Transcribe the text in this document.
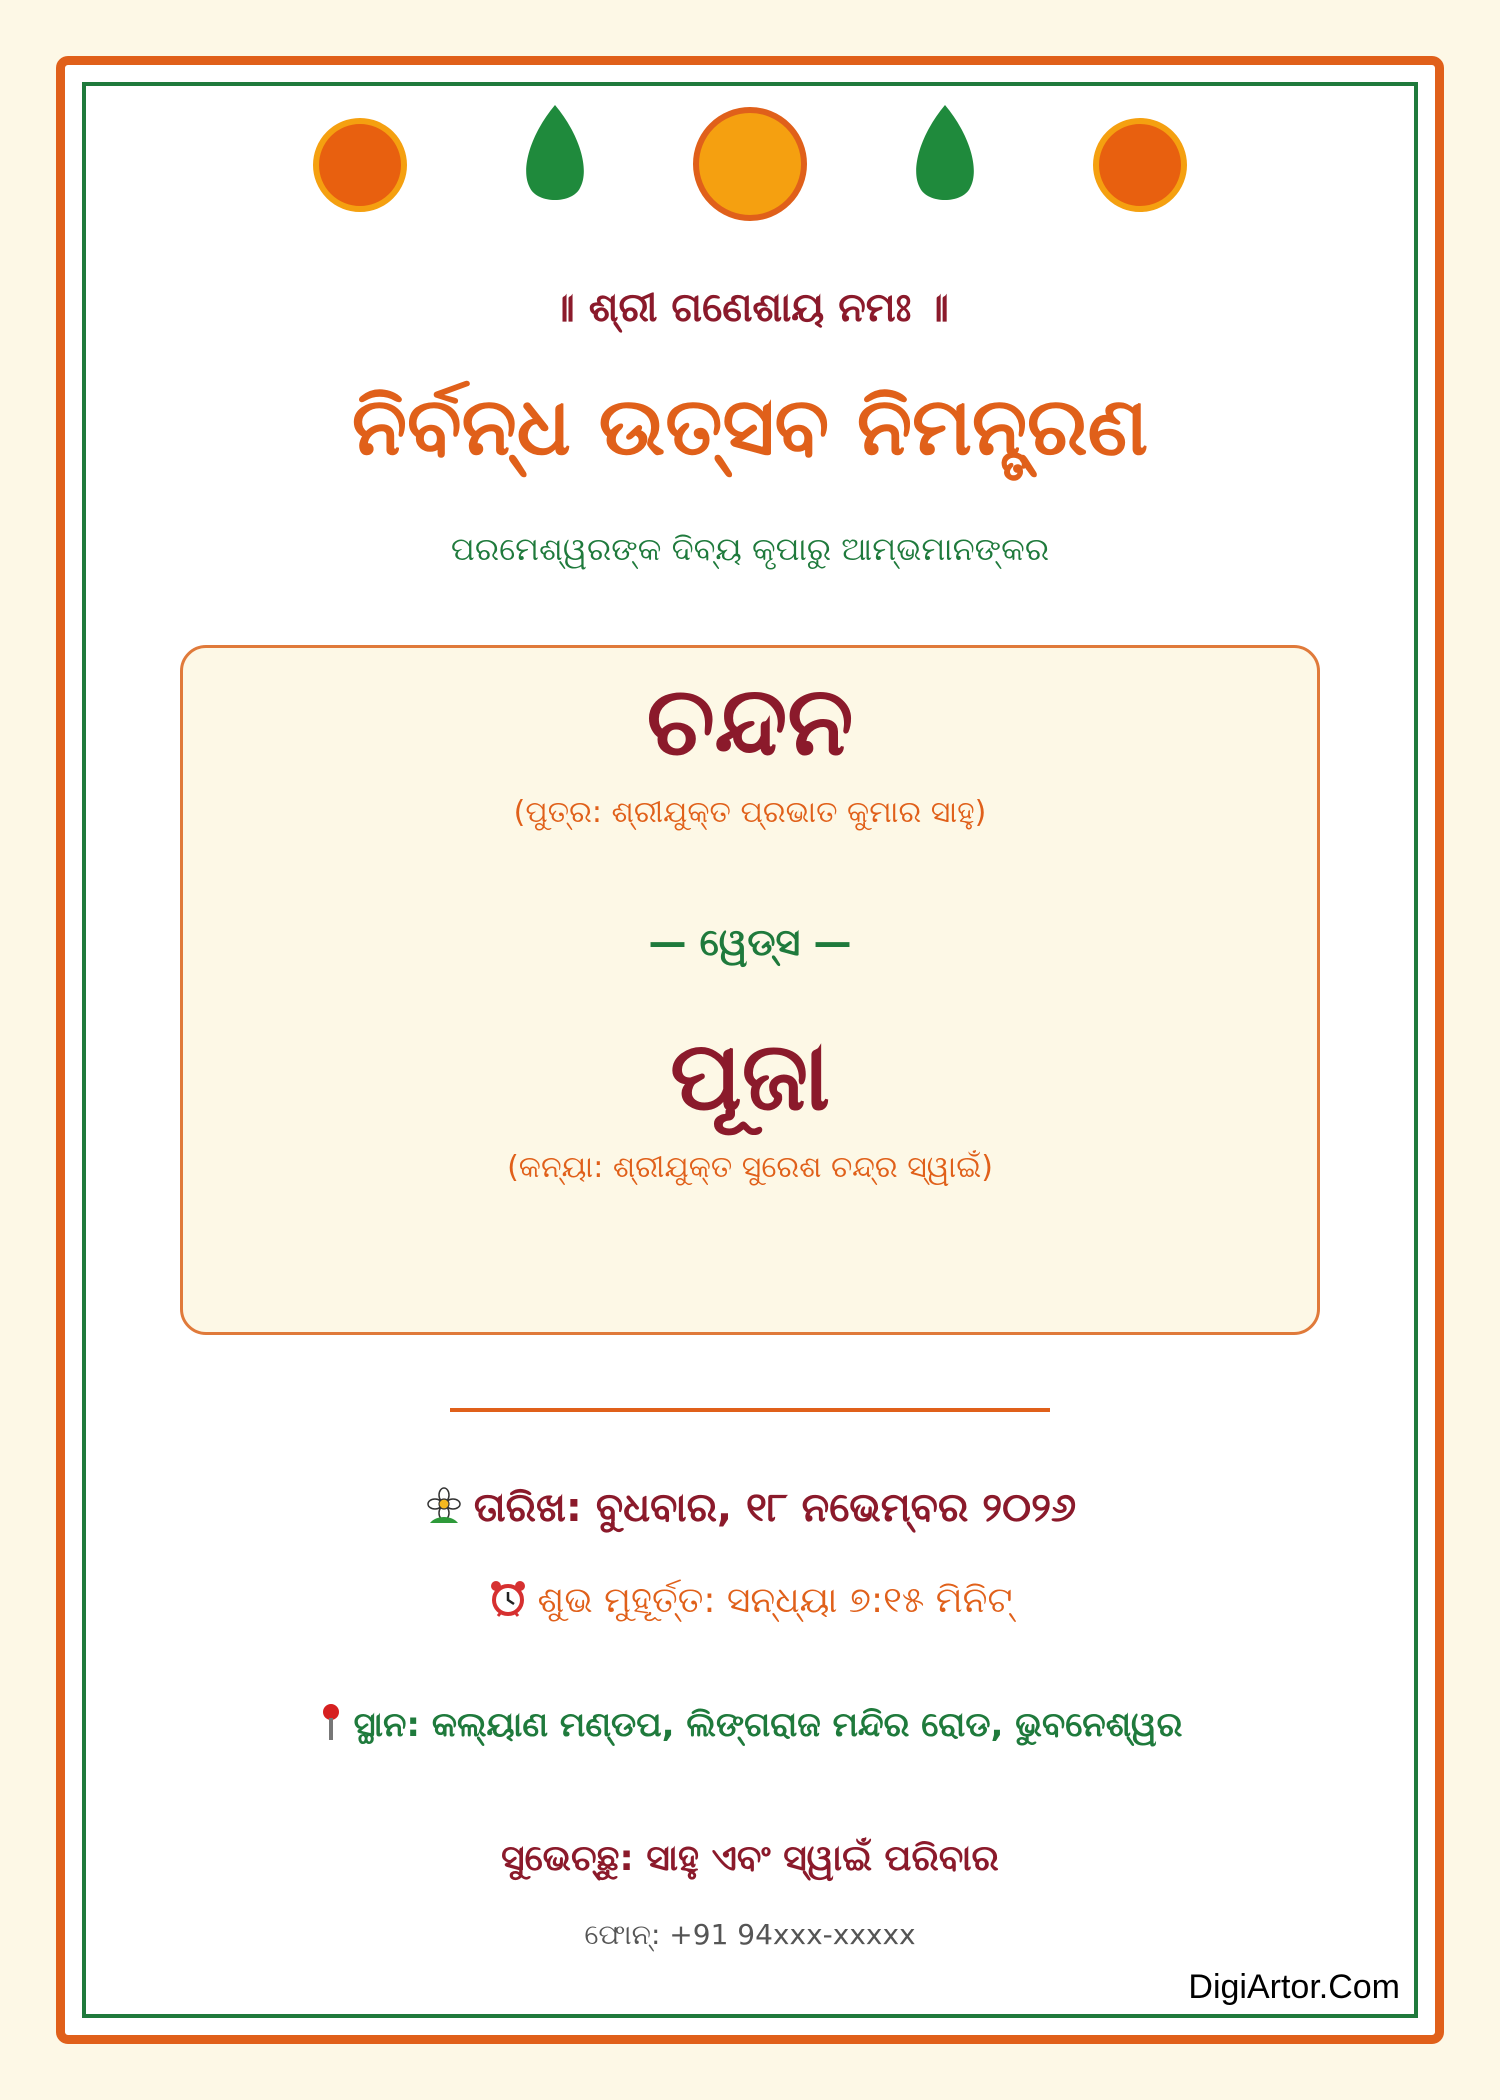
॥ ଶ୍ରୀ ଗଣେଶାୟ ନମଃ ॥
ନିର୍ବନ୍ଧ ଉତ୍ସବ ନିମନ୍ତ୍ରଣ
ପରମେଶ୍ୱରଙ୍କ ଦିବ୍ୟ କୃପାରୁ ଆମ୍ଭମାନଙ୍କର
ଚନ୍ଦନ
(ପୁତ୍ର: ଶ୍ରୀଯୁକ୍ତ ପ୍ରଭାତ କୁମାର ସାହୁ)
— ୱେଡ୍ସ —
ପୂଜା
(କନ୍ୟା: ଶ୍ରୀଯୁକ୍ତ ସୁରେଶ ଚନ୍ଦ୍ର ସ୍ୱାଇଁ)
ତାରିଖ: ବୁଧବାର, ୧୮ ନଭେମ୍ବର ୨୦୨୬
ଶୁଭ ମୁହୂର୍ତ୍ତ: ସନ୍ଧ୍ୟା ୭:୧୫ ମିନିଟ୍
ସ୍ଥାନ: କଲ୍ୟାଣ ମଣ୍ଡପ, ଲିଙ୍ଗରାଜ ମନ୍ଦିର ରୋଡ, ଭୁବନେଶ୍ୱର
ସୁଭେଚ୍ଛୁ: ସାହୁ ଏବଂ ସ୍ୱାଇଁ ପରିବାର
ଫୋନ୍: +91 94xxx-xxxxx
DigiArtor.Com
